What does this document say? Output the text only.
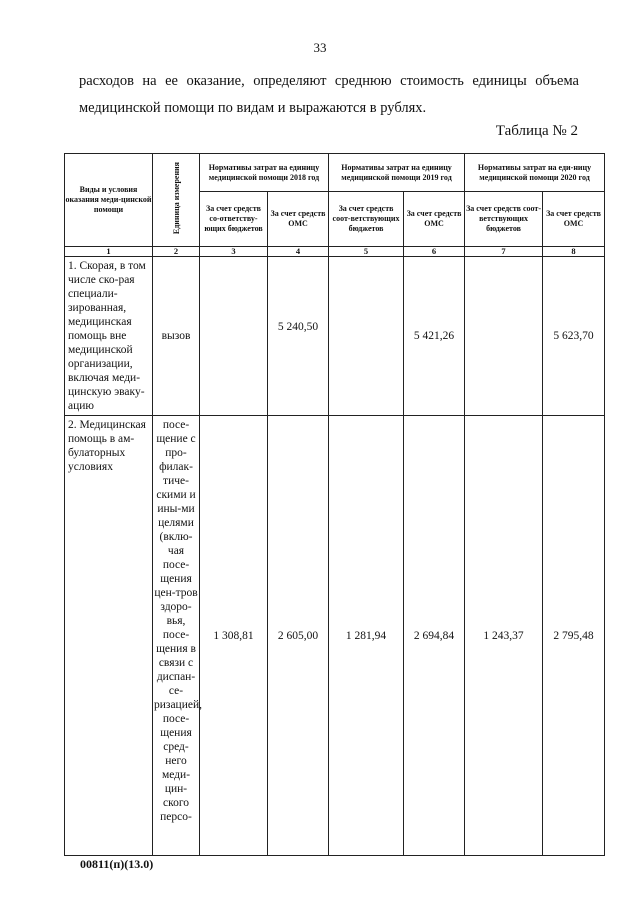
33
расходов на ее оказание, определяют среднюю стоимость единицы объема
медицинской помощи по видам и выражаются в рублях.
Таблица № 2
Виды и условия оказания меди-цинской помощи	Единица измерения	Нормативы затрат на единицу медицинской помощи 2018 год		Нормативы затрат на единицу медицинской помощи 2019 год		Нормативы затрат на еди-ницу медицинской помощи 2020 год	
		За счет средств со-ответству-ющих бюджетов	За счет средств ОМС	За счет средств соот-ветствующих бюджетов	За счет средств ОМС	За счет средств соот-ветствующих бюджетов	За счет средств ОМС
1	2	3	4	5	6	7	8
1. Скорая, в том числе ско-рая специали-зированная, медицинская помощь вне медицинской организации, включая меди-цинскую эваку-ацию	вызов		5 240,50		5 421,26		5 623,70
2. Медицинская помощь в ам-булаторных условиях	посе-щение с про-филак-тиче-скими и ины-ми целями (вклю-чая посе-щения цен-тров здоро-вья, посе-щения в связи с диспан-се-ризациeй, посе-щения сред-него меди-цин-ского персо-	1 308,81	2 605,00	1 281,94	2 694,84	1 243,37	2 795,48
00811(п)(13.0)
